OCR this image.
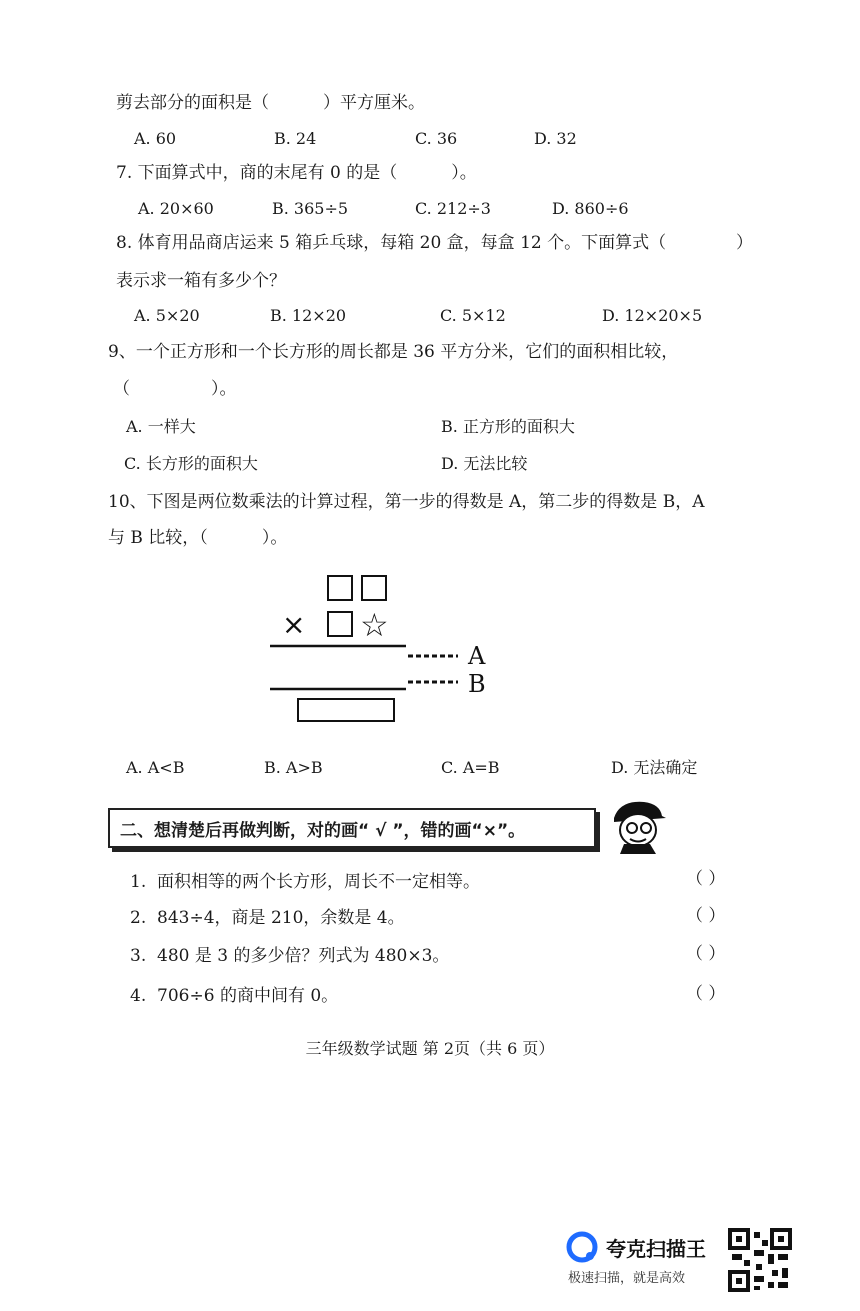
剪去部分的面积是（          ）平方厘米。
A. 60	B. 24	C. 36	D. 32
7. 下面算式中，商的末尾有 0 的是（          ）。
A. 20×60	B. 365÷5	C. 212÷3	D. 860÷6
8. 体育用品商店运来 5 箱乒乓球，每箱 20 盒，每盒 12 个。下面算式（	）
表示求一箱有多少个？
A. 5×20	B. 12×20	C. 5×12	D. 12×20×5
9、一个正方形和一个长方形的周长都是 36 平方分米，它们的面积相比较，
（               ）。
A. 一样大	B. 正方形的面积大
C. 长方形的面积大	D. 无法比较
10、下图是两位数乘法的计算过程，第一步的得数是 A，第二步的得数是 B，A
与 B 比较，（          ）。
× ☆
A
B
A. A<B	B. A>B	C. A=B	D. 无法确定
二、想清楚后再做判断，对的画“ √ ”，错的画“×”。
1.  面积相等的两个长方形，周长不一定相等。	（ ）
2.  843÷4，商是 210，余数是 4。	（ ）
3.  480 是 3 的多少倍？列式为 480×3。	（ ）
4.  706÷6 的商中间有 0。	（ ）
三年级数学试题 第 2页（共 6 页）
夸克扫描王
极速扫描，就是高效
